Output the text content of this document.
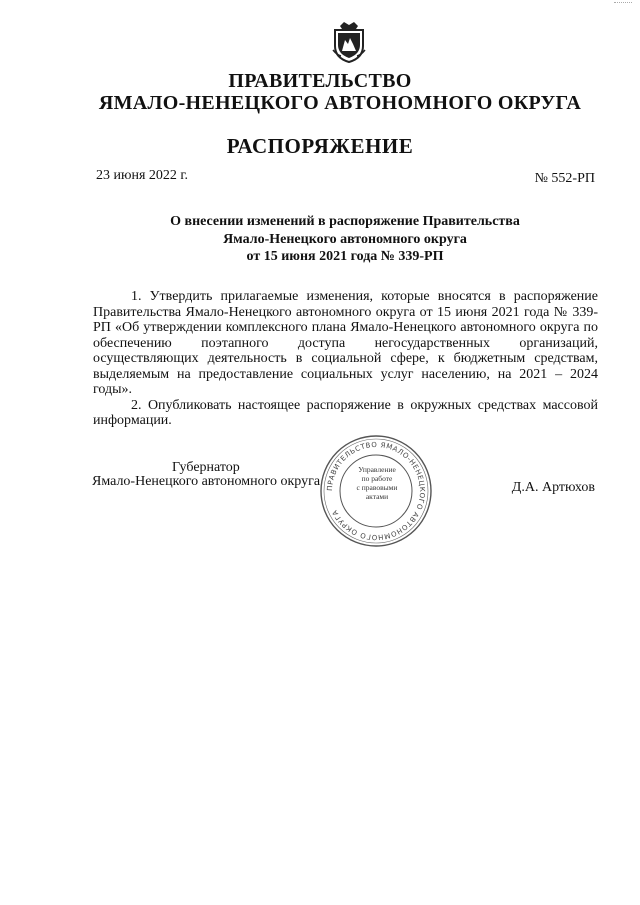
ПРАВИТЕЛЬСТВО
ЯМАЛО-НЕНЕЦКОГО АВТОНОМНОГО ОКРУГА
РАСПОРЯЖЕНИЕ
23 июня 2022 г.	№ 552-РП
О внесении изменений в распоряжение Правительства
Ямало-Ненецкого автономного округа
от 15 июня 2021 года № 339-РП

1. Утвердить прилагаемые изменения, которые вносятся в распоряжение Правительства Ямало-Ненецкого автономного округа от 15 июня 2021 года № 339-РП «Об утверждении комплексного плана Ямало-Ненецкого автономного округа по обеспечению поэтапного доступа негосударственных организаций, осуществляющих деятельность в социальной сфере, к бюджетным средствам, выделяемым на предоставление социальных услуг населению, на 2021 – 2024 годы».

2. Опубликовать настоящее распоряжение в окружных средствах массовой информации.

Губернатор
Ямало-Ненецкого автономного округа	Д.А. Артюхов
ПРАВИТЕЛЬСТВО ЯМАЛО-НЕНЕЦКОГО АВТОНОМНОГО ОКРУГА
Управление
по работе
с правовыми
актами
